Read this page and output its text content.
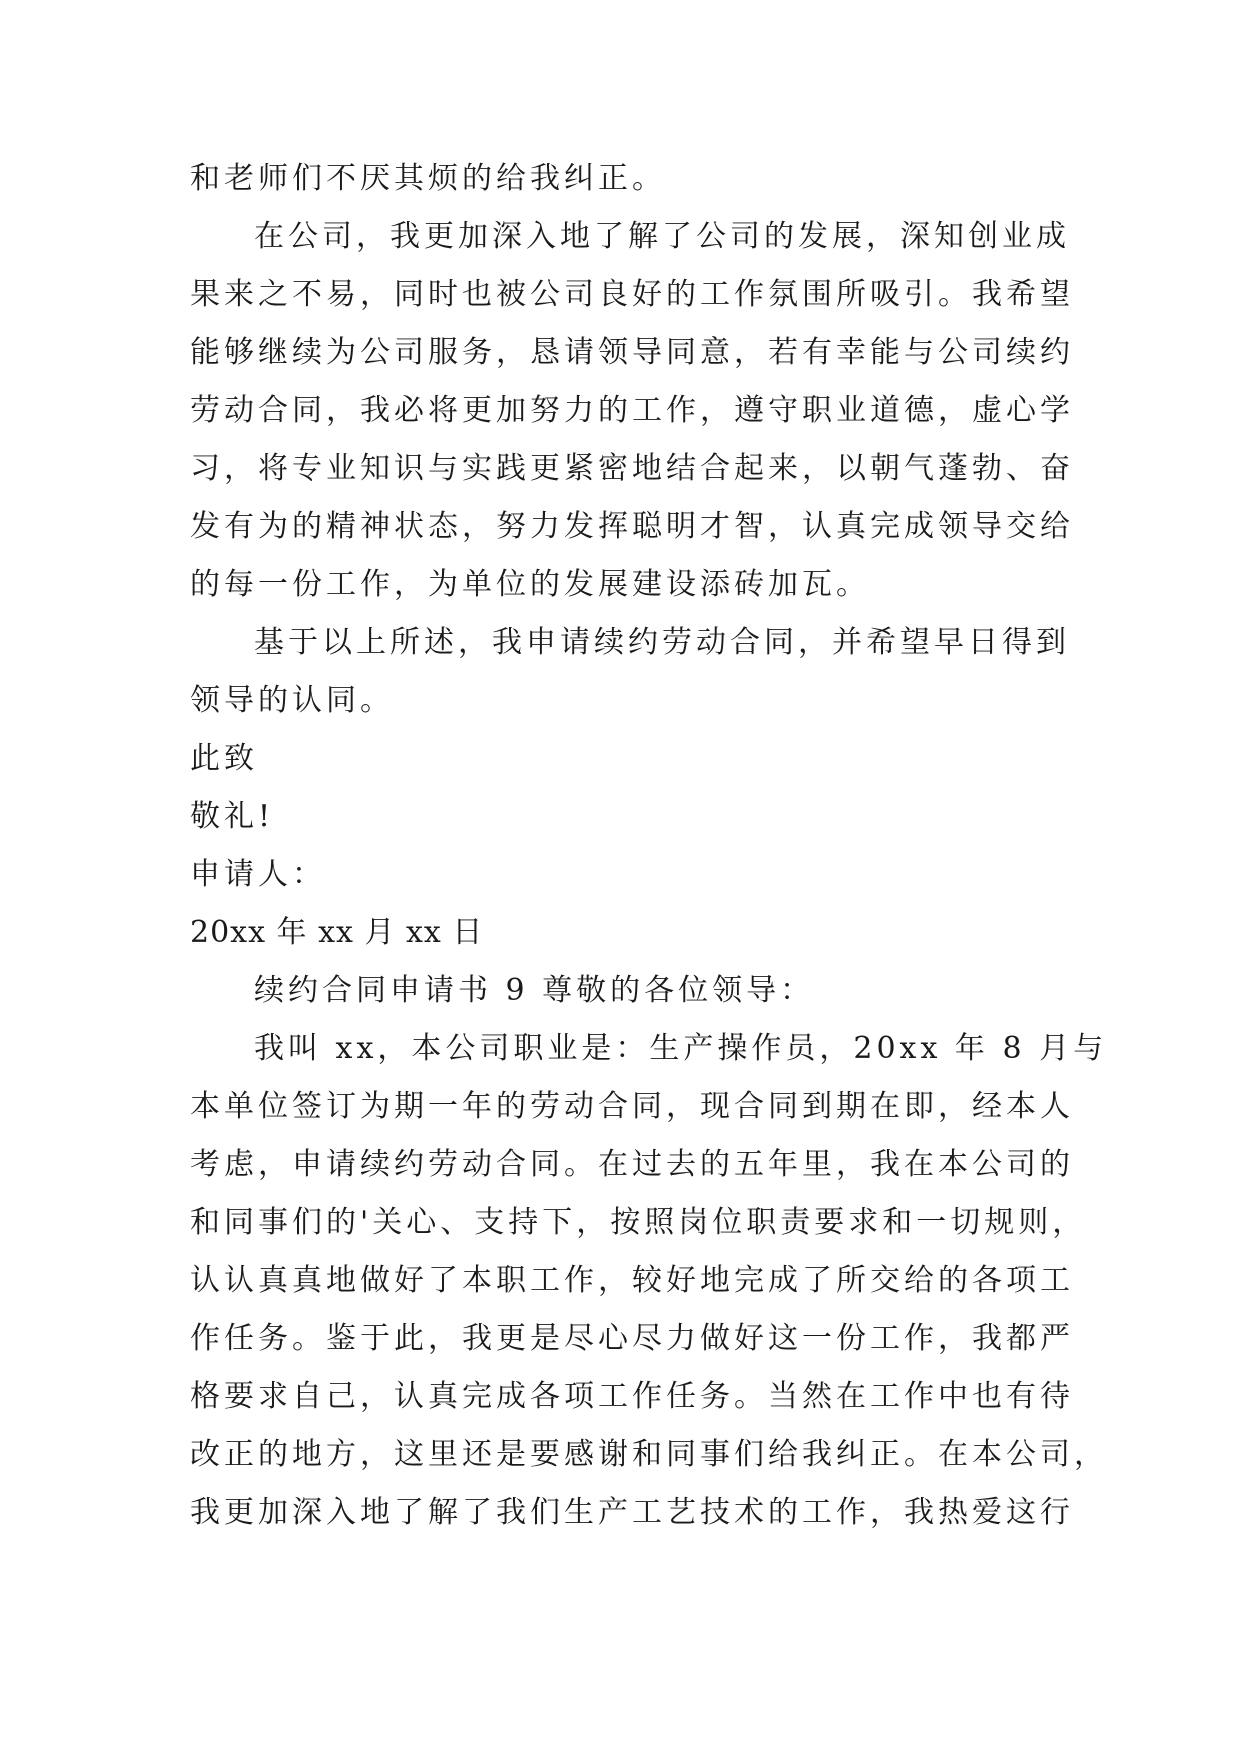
和老师们不厌其烦的给我纠正。
在公司，我更加深入地了解了公司的发展，深知创业成
果来之不易，同时也被公司良好的工作氛围所吸引。我希望
能够继续为公司服务，恳请领导同意，若有幸能与公司续约
劳动合同，我必将更加努力的工作，遵守职业道德，虚心学
习，将专业知识与实践更紧密地结合起来，以朝气蓬勃、奋
发有为的精神状态，努力发挥聪明才智，认真完成领导交给
的每一份工作，为单位的发展建设添砖加瓦。
基于以上所述，我申请续约劳动合同，并希望早日得到
领导的认同。
此致
敬礼!
申请人：
20xx 年 xx 月 xx 日
续约合同申请书 9 尊敬的各位领导：
我叫 xx，本公司职业是：生产操作员，20xx 年 8 月与
本单位签订为期一年的劳动合同，现合同到期在即，经本人
考虑，申请续约劳动合同。在过去的五年里，我在本公司的
和同事们的'关心、支持下，按照岗位职责要求和一切规则，
认认真真地做好了本职工作，较好地完成了所交给的各项工
作任务。鉴于此，我更是尽心尽力做好这一份工作，我都严
格要求自己，认真完成各项工作任务。当然在工作中也有待
改正的地方，这里还是要感谢和同事们给我纠正。在本公司，
我更加深入地了解了我们生产工艺技术的工作，我热爱这行
